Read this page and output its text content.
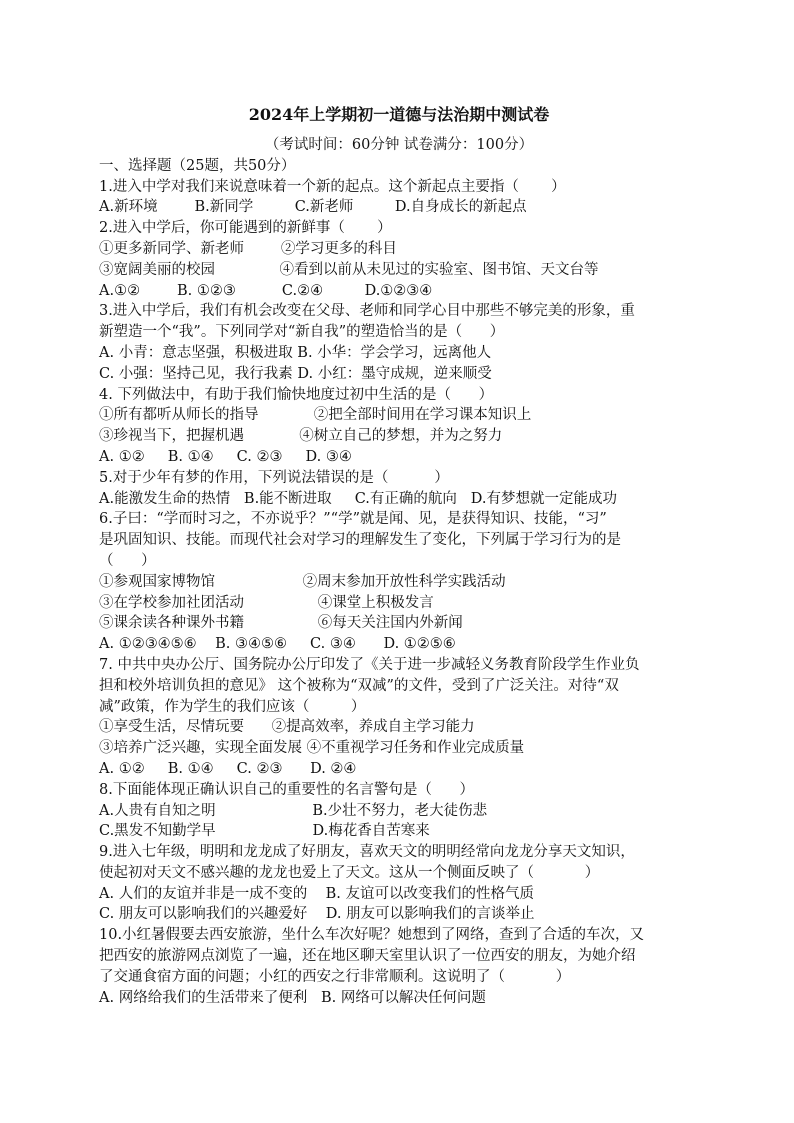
2024年上学期初一道德与法治期中测试卷
（考试时间：60分钟 试卷满分：100分）
一、选择题（25题，共50分）
1.进入中学对我们来说意味着一个新的起点。这个新起点主要指（       ）
A.新环境        B.新同学         C.新老师         D.自身成长的新起点
2.进入中学后，你可能遇到的新鲜事（       ）
①更多新同学、新老师        ②学习更多的科目
③宽阔美丽的校园              ④看到以前从未见过的实验室、图书馆、天文台等
A.①②        B. ①②③          C.②④         D.①②③④
3.进入中学后，我们有机会改变在父母、老师和同学心目中那些不够完美的形象，重
新塑造一个“我”。下列同学对“新自我”的塑造恰当的是（      ）
A. 小青：意志坚强，积极进取 B. 小华：学会学习，远离他人
C. 小强：坚持己见，我行我素 D. 小红：墨守成规，逆来顺受
4. 下列做法中，有助于我们愉快地度过初中生活的是（      ）
①所有都听从师长的指导            ②把全部时间用在学习课本知识上
③珍视当下，把握机遇            ④树立自己的梦想，并为之努力
A. ①②     B. ①④     C. ②③     D. ③④
5.对于少年有梦的作用，下列说法错误的是（          ）
A.能激发生命的热情   B.能不断进取     C.有正确的航向   D.有梦想就一定能成功
6.子曰：“学而时习之，不亦说乎？”“学”就是闻、见，是获得知识、技能，“习”
是巩固知识、技能。而现代社会对学习的理解发生了变化，下列属于学习行为的是
（      ）
①参观国家博物馆                   ②周末参加开放性科学实践活动
③在学校参加社团活动                ④课堂上积极发言
⑤课余读各种课外书籍                ⑥每天关注国内外新闻
A. ①②③④⑤⑥    B. ③④⑤⑥     C. ③④      D. ①②⑤⑥
7. 中共中央办公厅、国务院办公厅印发了《关于进一步减轻义务教育阶段学生作业负
担和校外培训负担的意见》 这个被称为“双减”的文件，受到了广泛关注。对待“双
减”政策，作为学生的我们应该（         ）
①享受生活，尽情玩要      ②提高效率，养成自主学习能力
③培养广泛兴趣，实现全面发展 ④不重视学习任务和作业完成质量
A. ①②     B. ①④     C. ②③      D. ②④
8.下面能体现正确认识自己的重要性的名言警句是（      ）
A.人贵有自知之明                     B.少壮不努力，老大徒伤悲
C.黑发不知勤学早                     D.梅花香自苦寒来
9.进入七年级，明明和龙龙成了好朋友，喜欢天文的明明经常向龙龙分享天文知识，
使起初对天文不感兴趣的龙龙也爱上了天文。这从一个侧面反映了（           ）
A. 人们的友谊并非是一成不变的    B. 友谊可以改变我们的性格气质
C. 朋友可以影响我们的兴趣爱好    D. 朋友可以影响我们的言谈举止
10.小红暑假要去西安旅游，坐什么车次好呢？她想到了网络，查到了合适的车次，又
把西安的旅游网点浏览了一遍，还在地区聊天室里认识了一位西安的朋友，为她介绍
了交通食宿方面的问题；小红的西安之行非常顺利。这说明了（           ）
A. 网络给我们的生活带来了便利   B. 网络可以解决任何问题
